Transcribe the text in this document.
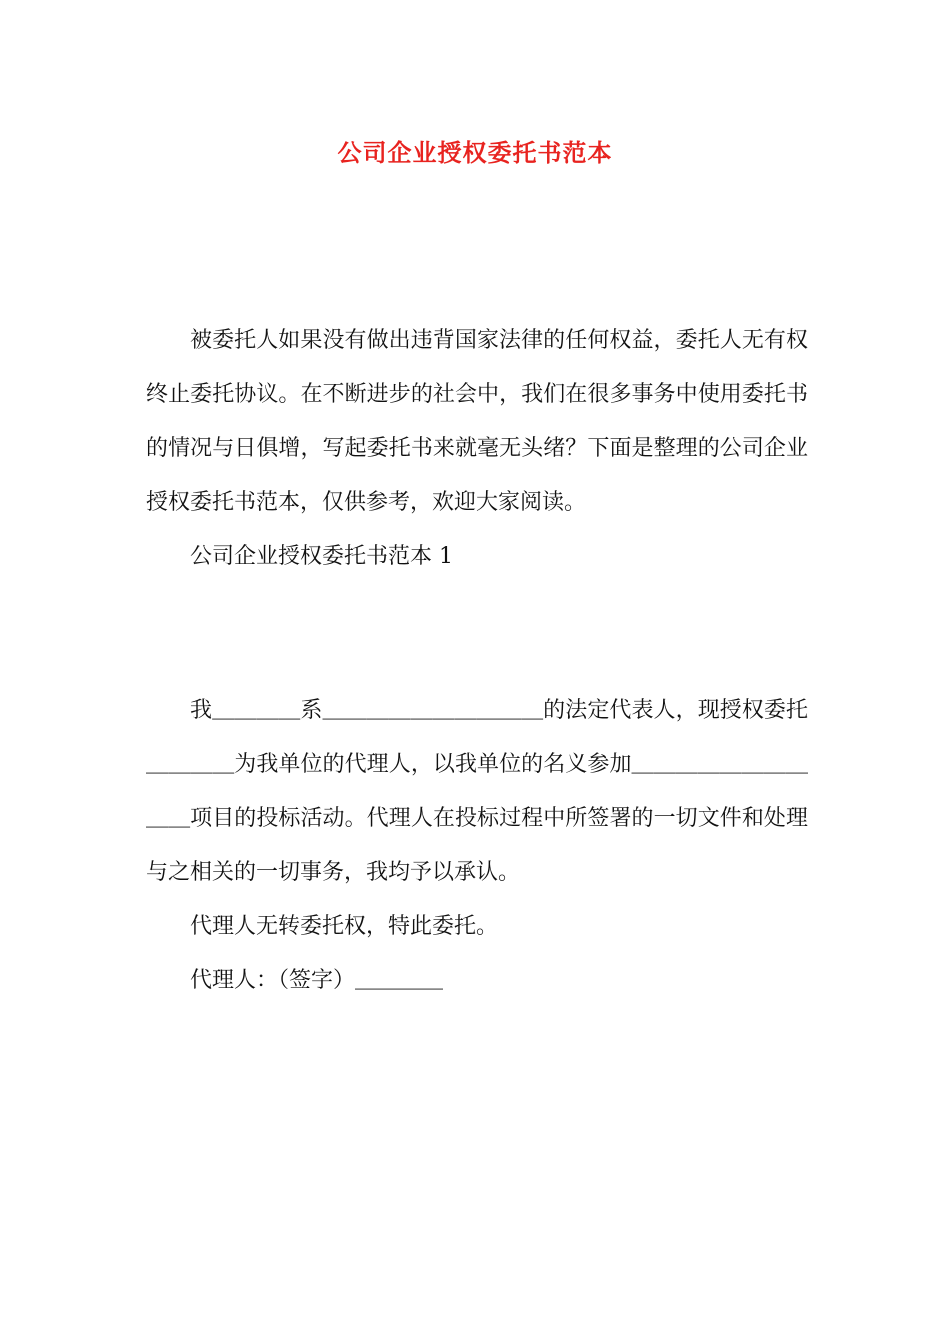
公司企业授权委托书范本

被委托人如果没有做出违背国家法律的任何权益，委托人无有权终止委托协议。在不断进步的社会中，我们在很多事务中使用委托书的情况与日俱增，写起委托书来就毫无头绪？下面是整理的公司企业授权委托书范本，仅供参考，欢迎大家阅读。

公司企业授权委托书范本 1

我＿＿＿＿系＿＿＿＿＿＿＿＿＿＿的法定代表人，现授权委托＿＿＿＿为我单位的代理人，以我单位的名义参加＿＿＿＿＿＿＿＿＿＿项目的投标活动。代理人在投标过程中所签署的一切文件和处理与之相关的一切事务，我均予以承认。

代理人无转委托权，特此委托。

代理人：（签字）＿＿＿＿
